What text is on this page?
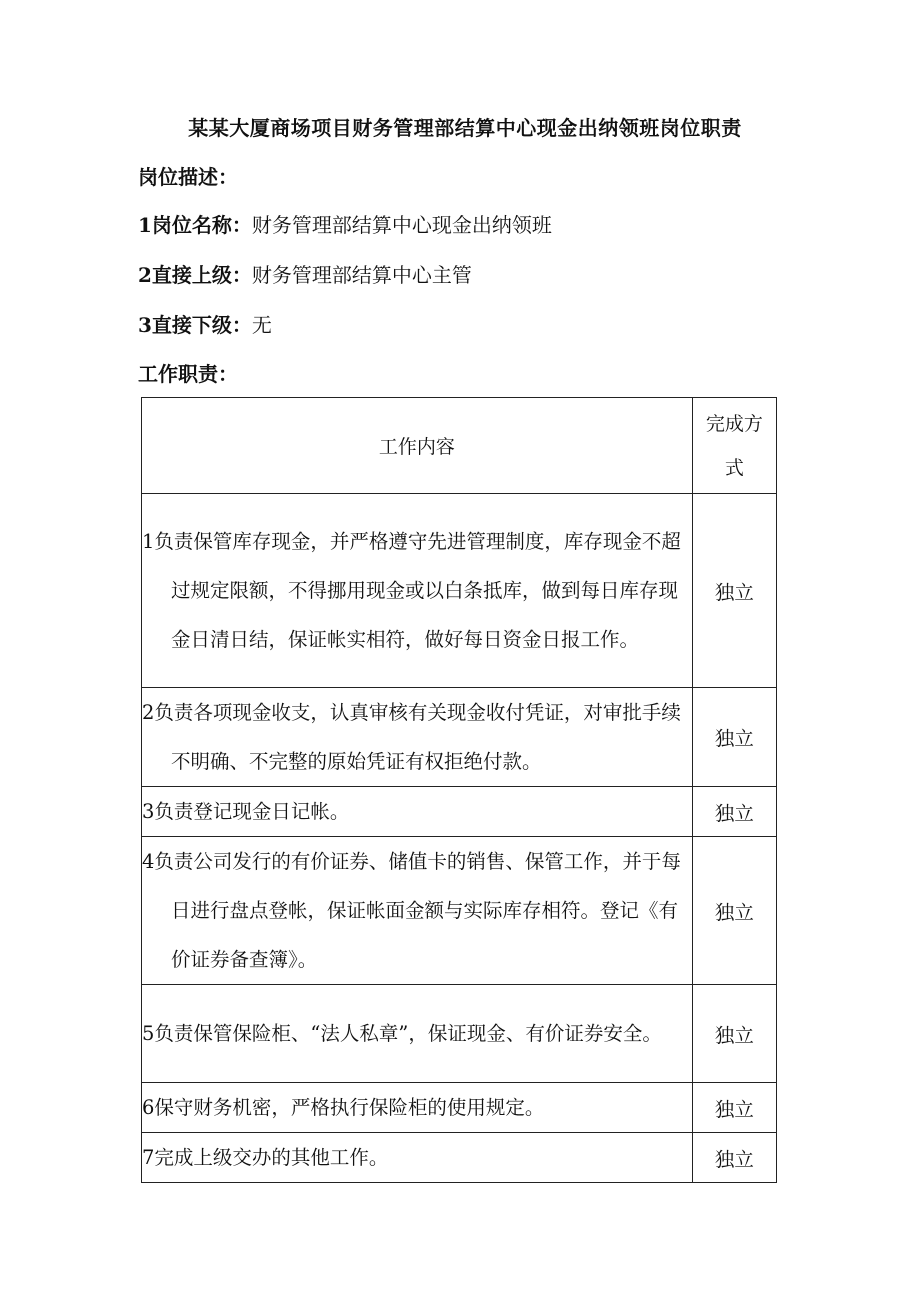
某某大厦商场项目财务管理部结算中心现金出纳领班岗位职责
岗位描述：
1岗位名称：财务管理部结算中心现金出纳领班
2直接上级：财务管理部结算中心主管
3直接下级：无
工作职责：
工作内容	完成方
式

1负责保管库存现金，并严格遵守先进管理制度，库存现金不超过规定限额，不得挪用现金或以白条抵库，做到每日库存现金日清日结，保证帐实相符，做好每日资金日报工作。	独立

2负责各项现金收支，认真审核有关现金收付凭证，对审批手续不明确、不完整的原始凭证有权拒绝付款。	独立

3负责登记现金日记帐。	独立

4负责公司发行的有价证券、储值卡的销售、保管工作，并于每日进行盘点登帐，保证帐面金额与实际库存相符。登记《有价证券备查簿》。	独立

5负责保管保险柜、“法人私章”，保证现金、有价证券安全。	独立

6保守财务机密，严格执行保险柜的使用规定。	独立

7完成上级交办的其他工作。	独立
